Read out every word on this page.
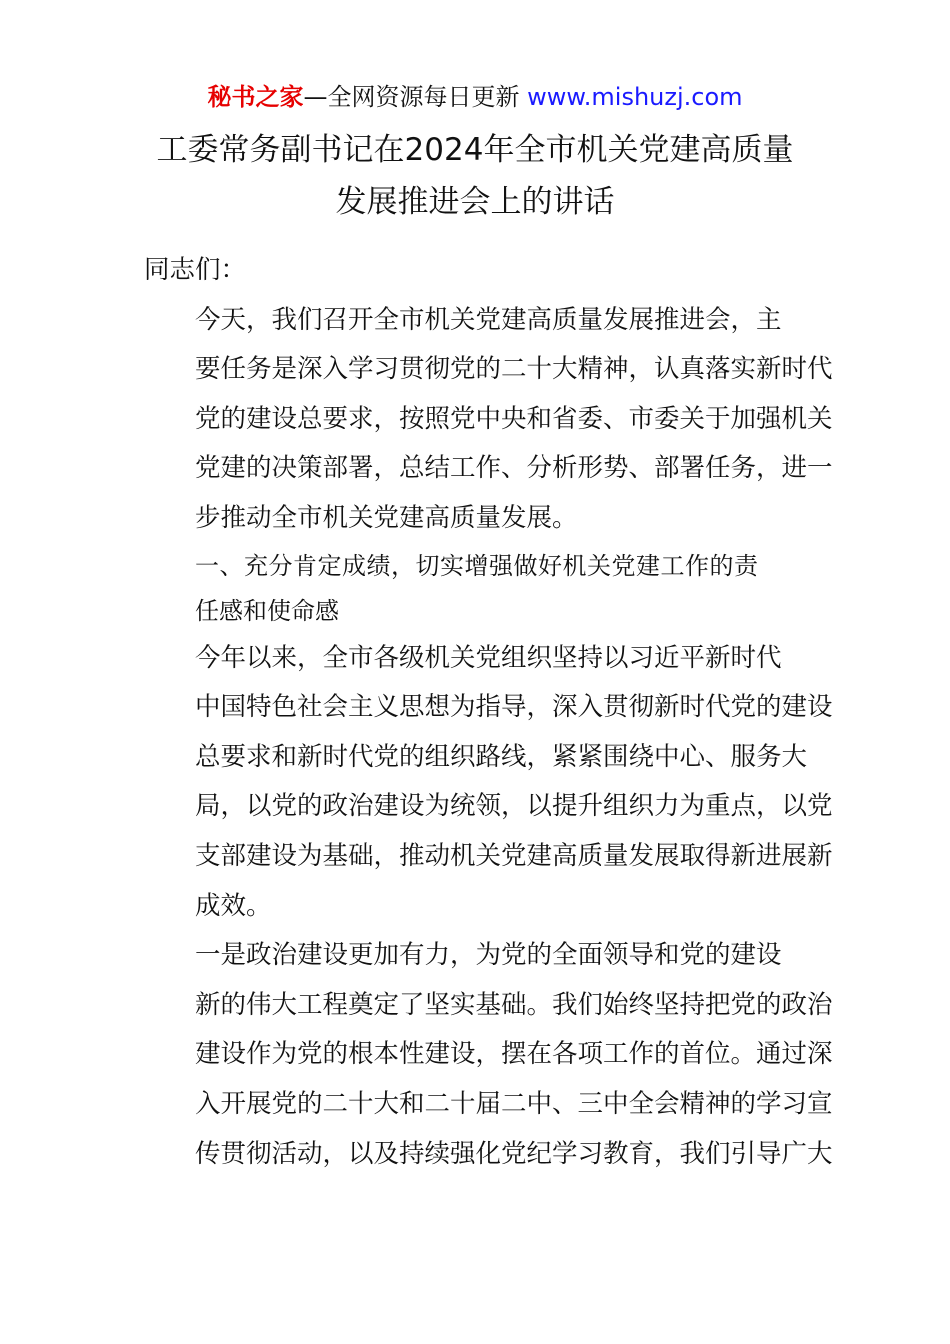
秘书之家—全网资源每日更新 www.mishuzj.com
工委常务副书记在2024年全市机关党建高质量
发展推进会上的讲话

同志们：

今天，我们召开全市机关党建高质量发展推进会，主
要任务是深入学习贯彻党的二十大精神，认真落实新时代
党的建设总要求，按照党中央和省委、市委关于加强机关
党建的决策部署，总结工作、分析形势、部署任务，进一
步推动全市机关党建高质量发展。

一、充分肯定成绩，切实增强做好机关党建工作的责
任感和使命感

今年以来，全市各级机关党组织坚持以习近平新时代
中国特色社会主义思想为指导，深入贯彻新时代党的建设
总要求和新时代党的组织路线，紧紧围绕中心、服务大
局，以党的政治建设为统领，以提升组织力为重点，以党
支部建设为基础，推动机关党建高质量发展取得新进展新
成效。

一是政治建设更加有力，为党的全面领导和党的建设
新的伟大工程奠定了坚实基础。我们始终坚持把党的政治
建设作为党的根本性建设，摆在各项工作的首位。通过深
入开展党的二十大和二十届二中、三中全会精神的学习宣
传贯彻活动，以及持续强化党纪学习教育，我们引导广大
